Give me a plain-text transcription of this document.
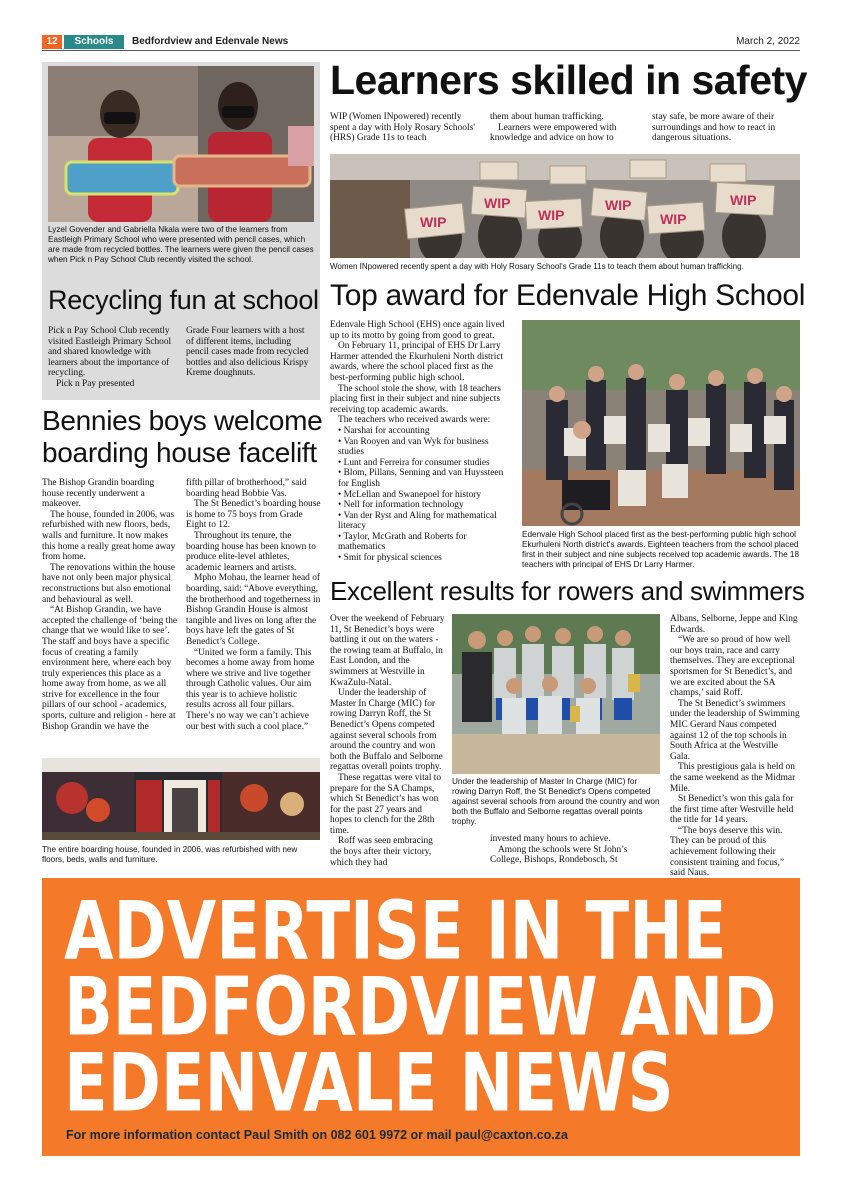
12	Schools	Bedfordview and Edenvale News	March 2, 2022
Lyzel Govender and Gabriella Nkala were two of the learners from Eastleigh Primary School who were presented with pencil cases, which are made from recycled bottles. The learners were given the pencil cases when Pick n Pay School Club recently visited the school.
Recycling fun at school

Pick n Pay School Club recently visited Eastleigh Primary School and shared knowledge with learners about the importance of recycling.

Pick n Pay presented

Grade Four learners with a host of different items, including pencil cases made from recycled bottles and also delicious Krispy Kreme doughnuts.

Learners skilled in safety

WIP (Women INpowered) recently spent a day with Holy Rosary Schools' (HRS) Grade 11s to teach

them about human trafficking.

Learners were empowered with knowledge and advice on how to

stay safe, be more aware of their surroundings and how to react in dangerous situations.

WIP
WIP
WIP
WIP
WIP
WIP
Women INpowered recently spent a day with Holy Rosary School's Grade 11s to teach them about human trafficking.
Top award for Edenvale High School

Edenvale High School (EHS) once again lived up to its motto by going from good to great.

On February 11, principal of EHS Dr Larry Harmer attended the Ekurhuleni North district awards, where the school placed first as the best-performing public high school.

The school stole the show, with 18 teachers placing first in their subject and nine subjects receiving top academic awards.

The teachers who received awards were:

• Narshai for accounting

• Van Rooyen and van Wyk for business studies

• Lunt and Ferreira for consumer studies

• Blom, Pillans, Senning and van Huyssteen for English

• McLellan and Swanepoel for history

• Nell for information technology

• Van der Ryst and Aling for mathematical literacy

• Taylor, McGrath and Roberts for mathematics

• Smit for physical sciences

Edenvale High School placed first as the best-performing public high school Ekurhuleni North district's awards. Eighteen teachers from the school placed first in their subject and nine subjects received top academic awards. The 18 teachers with principal of EHS Dr Larry Harmer.
Bennies boys welcome
boarding house facelift

The Bishop Grandin boarding house recently underwent a makeover.

The house, founded in 2006, was refurbished with new floors, beds, walls and furniture. It now makes this home a really great home away from home.

The renovations within the house have not only been major physical reconstructions but also emotional and behavioural as well.

“At Bishop Grandin, we have accepted the challenge of ‘being the change that we would like to see’. The staff and boys have a specific focus of creating a family environment here, where each boy truly experiences this place as a home away from home, as we all strive for excellence in the four pillars of our school - academics, sports, culture and religion - here at Bishop Grandin we have the

fifth pillar of brotherhood,” said boarding head Bobbie Vas.

The St Benedict’s boarding house is home to 75 boys from Grade Eight to 12.

Throughout its tenure, the boarding house has been known to produce elite-level athletes, academic learners and artists.

Mpho Mohau, the learner head of boarding, said: “Above everything, the brotherhood and togetherness in Bishop Grandin House is almost tangible and lives on long after the boys have left the gates of St Benedict’s College.

“United we form a family. This becomes a home away from home where we strive and live together through Catholic values. Our aim this year is to achieve holistic results across all four pillars. There’s no way we can’t achieve our best with such a cool place.”

The entire boarding house, founded in 2006, was refurbished with new floors, beds, walls and furniture.
Excellent results for rowers and swimmers

Over the weekend of February 11, St Benedict’s boys were battling it out on the waters - the rowing team at Buffalo, in East London, and the swimmers at Westville in KwaZulu-Natal.

Under the leadership of Master In Charge (MIC) for rowing Darryn Roff, the St Benedict’s Opens competed against several schools from around the country and won both the Buffalo and Selborne regattas overall points trophy.

These regattas were vital to prepare for the SA Champs, which St Benedict’s has won for the past 27 years and hopes to clench for the 28th time.

Roff was seen embracing the boys after their victory, which they had

Under the leadership of Master In Charge (MIC) for rowing Darryn Roff, the St Benedict's Opens competed against several schools from around the country and won both the Buffalo and Selborne regattas overall points trophy.

invested many hours to achieve.

Among the schools were St John’s College, Bishops, Rondebosch, St

Albans, Selborne, Jeppe and King Edwards.

“We are so proud of how well our boys train, race and carry themselves. They are exceptional sportsmen for St Benedict’s, and we are excited about the SA champs,’ said Roff.

The St Benedict’s swimmers under the leadership of Swimming MIC Gerard Naus competed against 12 of the top schools in South Africa at the Westville Gala.

This prestigious gala is held on the same weekend as the Midmar Mile.

St Benedict’s won this gala for the first time after Westville held the title for 14 years.

“The boys deserve this win. They can be proud of this achievement following their consistent training and focus,” said Naus.

ADVERTISE IN THE
BEDFORDVIEW AND
EDENVALE NEWS
For more information contact Paul Smith on 082 601 9972 or mail paul@caxton.co.za
